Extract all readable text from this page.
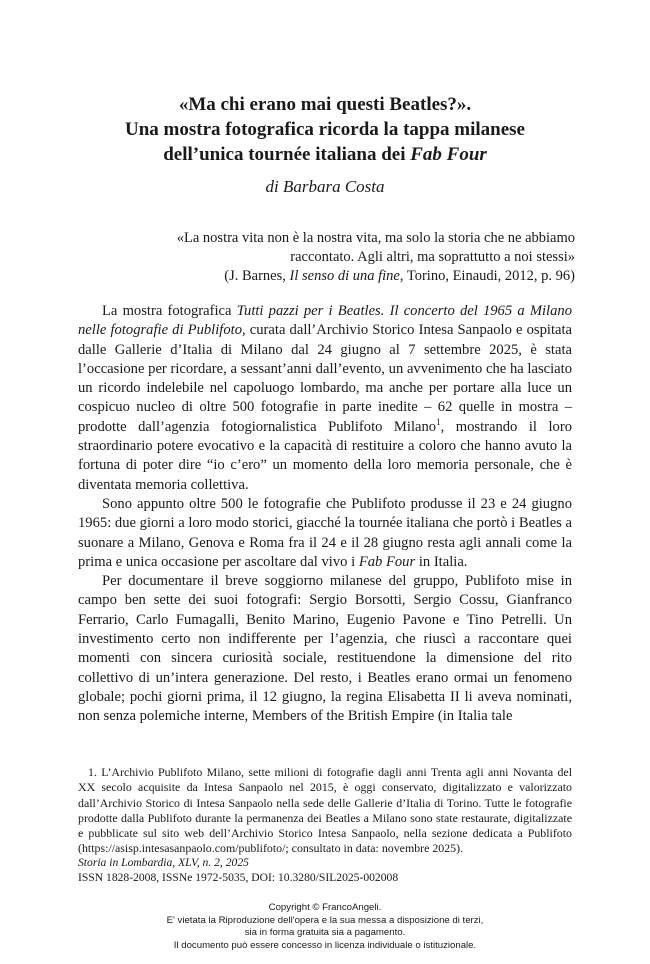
«Ma chi erano mai questi Beatles?».
Una mostra fotografica ricorda la tappa milanese
dell’unica tournée italiana dei Fab Four
di Barbara Costa
«La nostra vita non è la nostra vita, ma solo la storia che ne abbiamo
raccontato. Agli altri, ma soprattutto a noi stessi»
(J. Barnes, Il senso di una fine, Torino, Einaudi, 2012, p. 96)

La mostra fotografica Tutti pazzi per i Beatles. Il concerto del 1965 a Milano nelle fotografie di Publifoto, curata dall’Archivio Storico Intesa Sanpaolo e ospitata dalle Gallerie d’Italia di Milano dal 24 giugno al 7 settembre 2025, è stata l’occasione per ricordare, a sessant’anni dall’evento, un avvenimento che ha lasciato un ricordo indelebile nel capoluogo lombardo, ma anche per portare alla luce un cospicuo nucleo di oltre 500 fotografie in parte inedite – 62 quelle in mostra – prodotte dall’agenzia fotogiornalistica Publifoto Milano$^1$, mostrando il loro straordinario potere evocativo e la capacità di restituire a coloro che hanno avuto la fortuna di poter dire “io c’ero” un momento della loro memoria personale, che è diventata memoria collettiva.

Sono appunto oltre 500 le fotografie che Publifoto produsse il 23 e 24 giugno 1965: due giorni a loro modo storici, giacché la tournée italiana che portò i Beatles a suonare a Milano, Genova e Roma fra il 24 e il 28 giugno resta agli annali come la prima e unica occasione per ascoltare dal vivo i Fab Four in Italia.

Per documentare il breve soggiorno milanese del gruppo, Publifoto mise in campo ben sette dei suoi fotografi: Sergio Borsotti, Sergio Cossu, Gianfranco Ferrario, Carlo Fumagalli, Benito Marino, Eugenio Pavone e Tino Petrelli. Un investimento certo non indifferente per l’agenzia, che riuscì a raccontare quei momenti con sincera curiosità sociale, restituendone la dimensione del rito collettivo di un’intera generazione. Del resto, i Beatles erano ormai un fenomeno globale; pochi giorni prima, il 12 giugno, la regina Elisabetta II li aveva nominati, non senza polemiche interne, Members of the British Empire (in Italia tale

1. L’Archivio Publifoto Milano, sette milioni di fotografie dagli anni Trenta agli anni Novanta del XX secolo acquisite da Intesa Sanpaolo nel 2015, è oggi conservato, digitalizzato e valorizzato dall’Archivio Storico di Intesa Sanpaolo nella sede delle Gallerie d’Italia di Torino. Tutte le fotografie prodotte dalla Publifoto durante la permanenza dei Beatles a Milano sono state restaurate, digitalizzate e pubblicate sul sito web dell’Archivio Storico Intesa Sanpaolo, nella sezione dedicata a Publifoto (https://asisp.intesasanpaolo.com/publifoto/; consultato in data: novembre 2025).
Storia in Lombardia, XLV, n. 2, 2025
ISSN 1828-2008, ISSNe 1972-5035, DOI: 10.3280/SIL2025-002008
Copyright © FrancoAngeli.
E' vietata la Riproduzione dell'opera e la sua messa a disposizione di terzi,
sia in forma gratuita sia a pagamento.
Il documento può essere concesso in licenza individuale o istituzionale.
